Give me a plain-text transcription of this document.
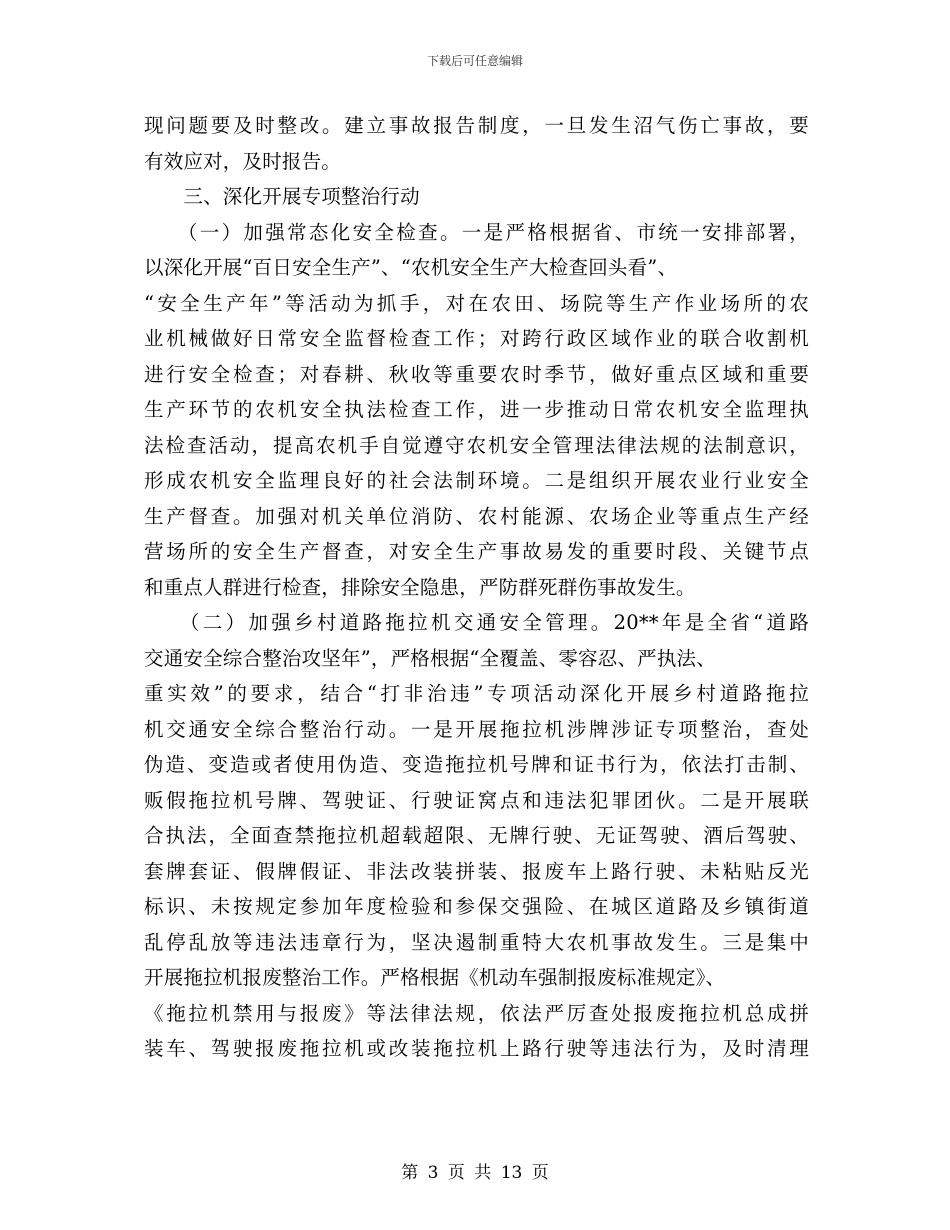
下载后可任意编辑
现问题要及时整改。建立事故报告制度，一旦发生沼气伤亡事故，要
有效应对，及时报告。
　　三、深化开展专项整治行动
　　（一）加强常态化安全检查。一是严格根据省、市统一安排部署，
以深化开展“百日安全生产”、“农机安全生产大检查回头看”、
“安全生产年”等活动为抓手，对在农田、场院等生产作业场所的农
业机械做好日常安全监督检查工作；对跨行政区域作业的联合收割机
进行安全检查；对春耕、秋收等重要农时季节，做好重点区域和重要
生产环节的农机安全执法检查工作，进一步推动日常农机安全监理执
法检查活动，提高农机手自觉遵守农机安全管理法律法规的法制意识，
形成农机安全监理良好的社会法制环境。二是组织开展农业行业安全
生产督查。加强对机关单位消防、农村能源、农场企业等重点生产经
营场所的安全生产督查，对安全生产事故易发的重要时段、关键节点
和重点人群进行检查，排除安全隐患，严防群死群伤事故发生。
　　（二）加强乡村道路拖拉机交通安全管理。20**年是全省“道路
交通安全综合整治攻坚年”，严格根据“全覆盖、零容忍、严执法、
重实效”的要求，结合“打非治违”专项活动深化开展乡村道路拖拉
机交通安全综合整治行动。一是开展拖拉机涉牌涉证专项整治，查处
伪造、变造或者使用伪造、变造拖拉机号牌和证书行为，依法打击制、
贩假拖拉机号牌、驾驶证、行驶证窝点和违法犯罪团伙。二是开展联
合执法，全面查禁拖拉机超载超限、无牌行驶、无证驾驶、酒后驾驶、
套牌套证、假牌假证、非法改装拼装、报废车上路行驶、未粘贴反光
标识、未按规定参加年度检验和参保交强险、在城区道路及乡镇街道
乱停乱放等违法违章行为，坚决遏制重特大农机事故发生。三是集中
开展拖拉机报废整治工作。严格根据《机动车强制报废标准规定》、
《拖拉机禁用与报废》等法律法规，依法严厉查处报废拖拉机总成拼
装车、驾驶报废拖拉机或改装拖拉机上路行驶等违法行为，及时清理
第 3 页 共 13 页
